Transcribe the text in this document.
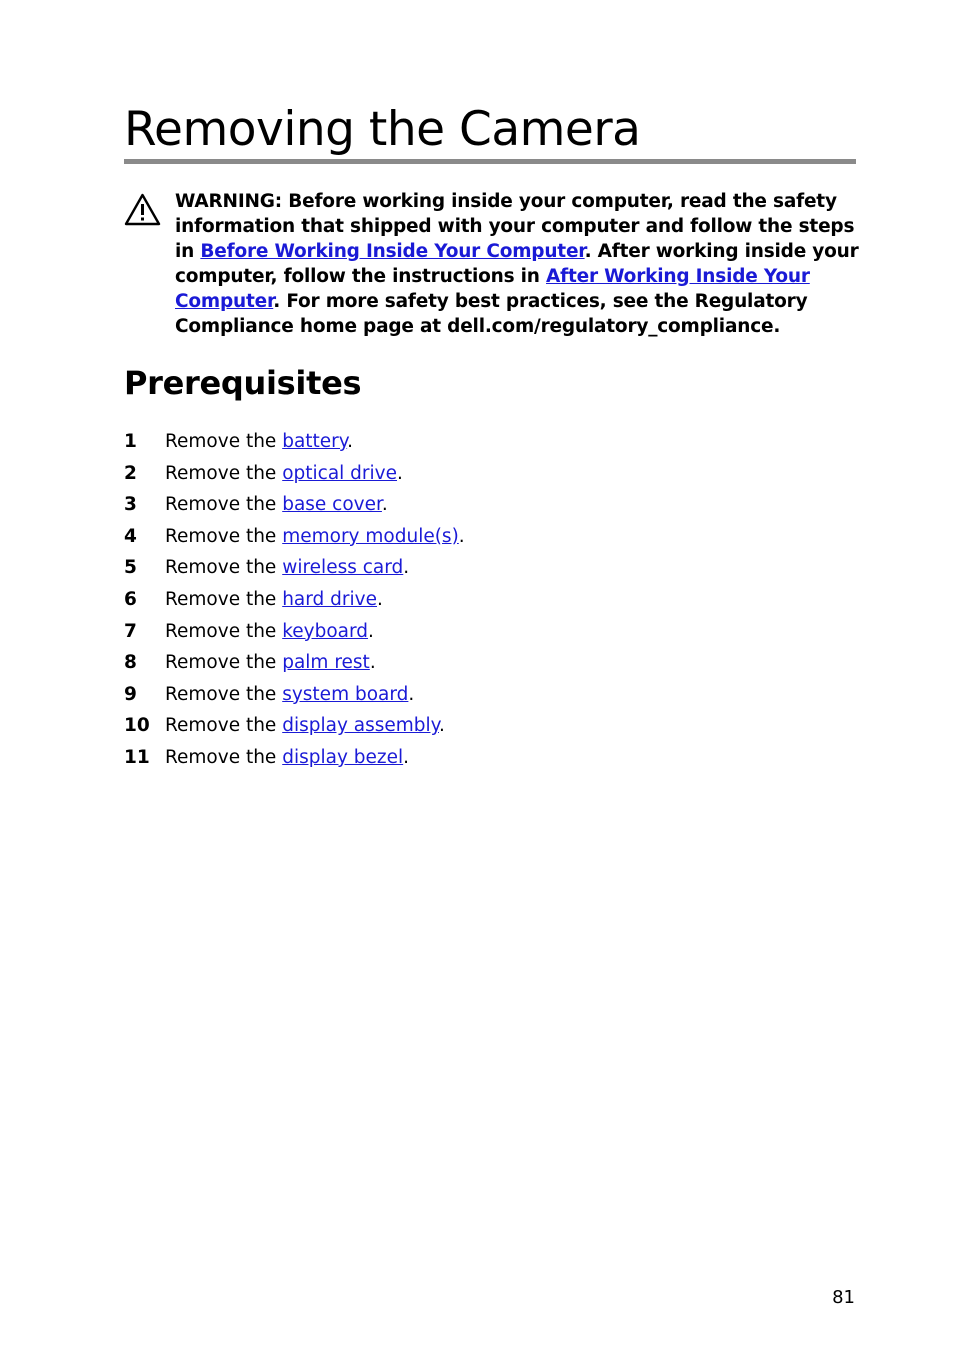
Removing the Camera
WARNING: Before working inside your computer, read the safety information that shipped with your computer and follow the steps in Before Working Inside Your Computer. After working inside your computer, follow the instructions in After Working Inside Your Computer. For more safety best practices, see the Regulatory Compliance home page at dell.com/regulatory_compliance.
Prerequisites
1 Remove the battery.
2 Remove the optical drive.
3 Remove the base cover.
4 Remove the memory module(s).
5 Remove the wireless card.
6 Remove the hard drive.
7 Remove the keyboard.
8 Remove the palm rest.
9 Remove the system board.
10 Remove the display assembly.
11 Remove the display bezel.
81
